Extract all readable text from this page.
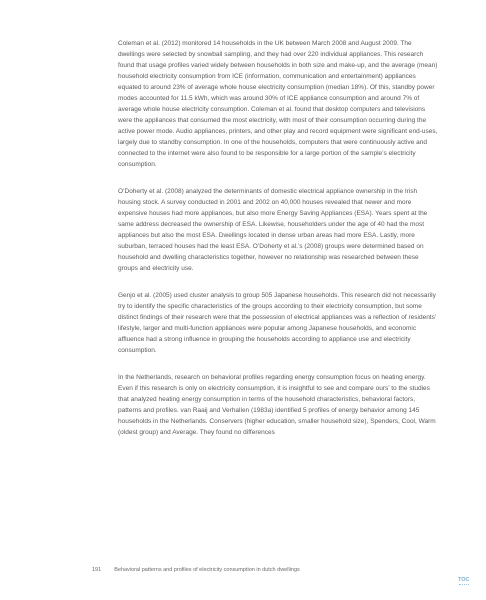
Coleman et al. (2012) monitored 14 households in the UK between March 2008 and August 2009. The dwellings were selected by snowball sampling, and they had over 220 individual appliances. This research found that usage profiles varied widely between households in both size and make-up, and the average (mean) household electricity consumption from ICE (information, communication and entertainment) appliances equated to around 23% of average whole house electricity consumption (median 18%). Of this, standby power modes accounted for 11.5 kWh, which was around 30% of ICE appliance consumption and around 7% of average whole house electricity consumption. Coleman et al. found that desktop computers and televisions were the appliances that consumed the most electricity, with most of their consumption occurring during the active power mode. Audio appliances, printers, and other play and record equipment were significant end-uses, largely due to standby consumption. In one of the households, computers that were continuously active and connected to the internet were also found to be responsible for a large portion of the sample’s electricity consumption.

O’Doherty et al. (2008) analyzed the determinants of domestic electrical appliance ownership in the Irish housing stock. A survey conducted in 2001 and 2002 on 40,000 houses revealed that newer and more expensive houses had more appliances, but also more Energy Saving Appliances (ESA). Years spent at the same address decreased the ownership of ESA. Likewise, householders under the age of 40 had the most appliances but also the most ESA. Dwellings located in dense urban areas had more ESA. Lastly, more suburban, terraced houses had the least ESA. O’Doherty et al.’s (2008) groups were determined based on household and dwelling characteristics together, however no relationship was researched between these groups and electricity use.

Genjo et al. (2005) used cluster analysis to group 505 Japanese households. This research did not necessarily try to identify the specific characteristics of the groups according to their electricity consumption, but some distinct findings of their research were that the possession of electrical appliances was a reflection of residents’ lifestyle, larger and multi-function appliances were popular among Japanese households, and economic affluence had a strong influence in grouping the households according to appliance use and electricity consumption.

In the Netherlands, research on behavioral profiles regarding energy consumption focus on heating energy. Even if this research is only on electricity consumption, it is insightful to see and compare ours’ to the studies that analyzed heating energy consumption in terms of the household characteristics, behavioral factors, patterns and profiles. van Raaij and Verhallen (1983a) identified 5 profiles of energy behavior among 145 households in the Netherlands. Conservers (higher education, smaller household size), Spenders, Cool, Warm (oldest group) and Average. They found no differences

191 Behavioral patterns and profiles of electricity consumption in dutch dwellings
TOC
